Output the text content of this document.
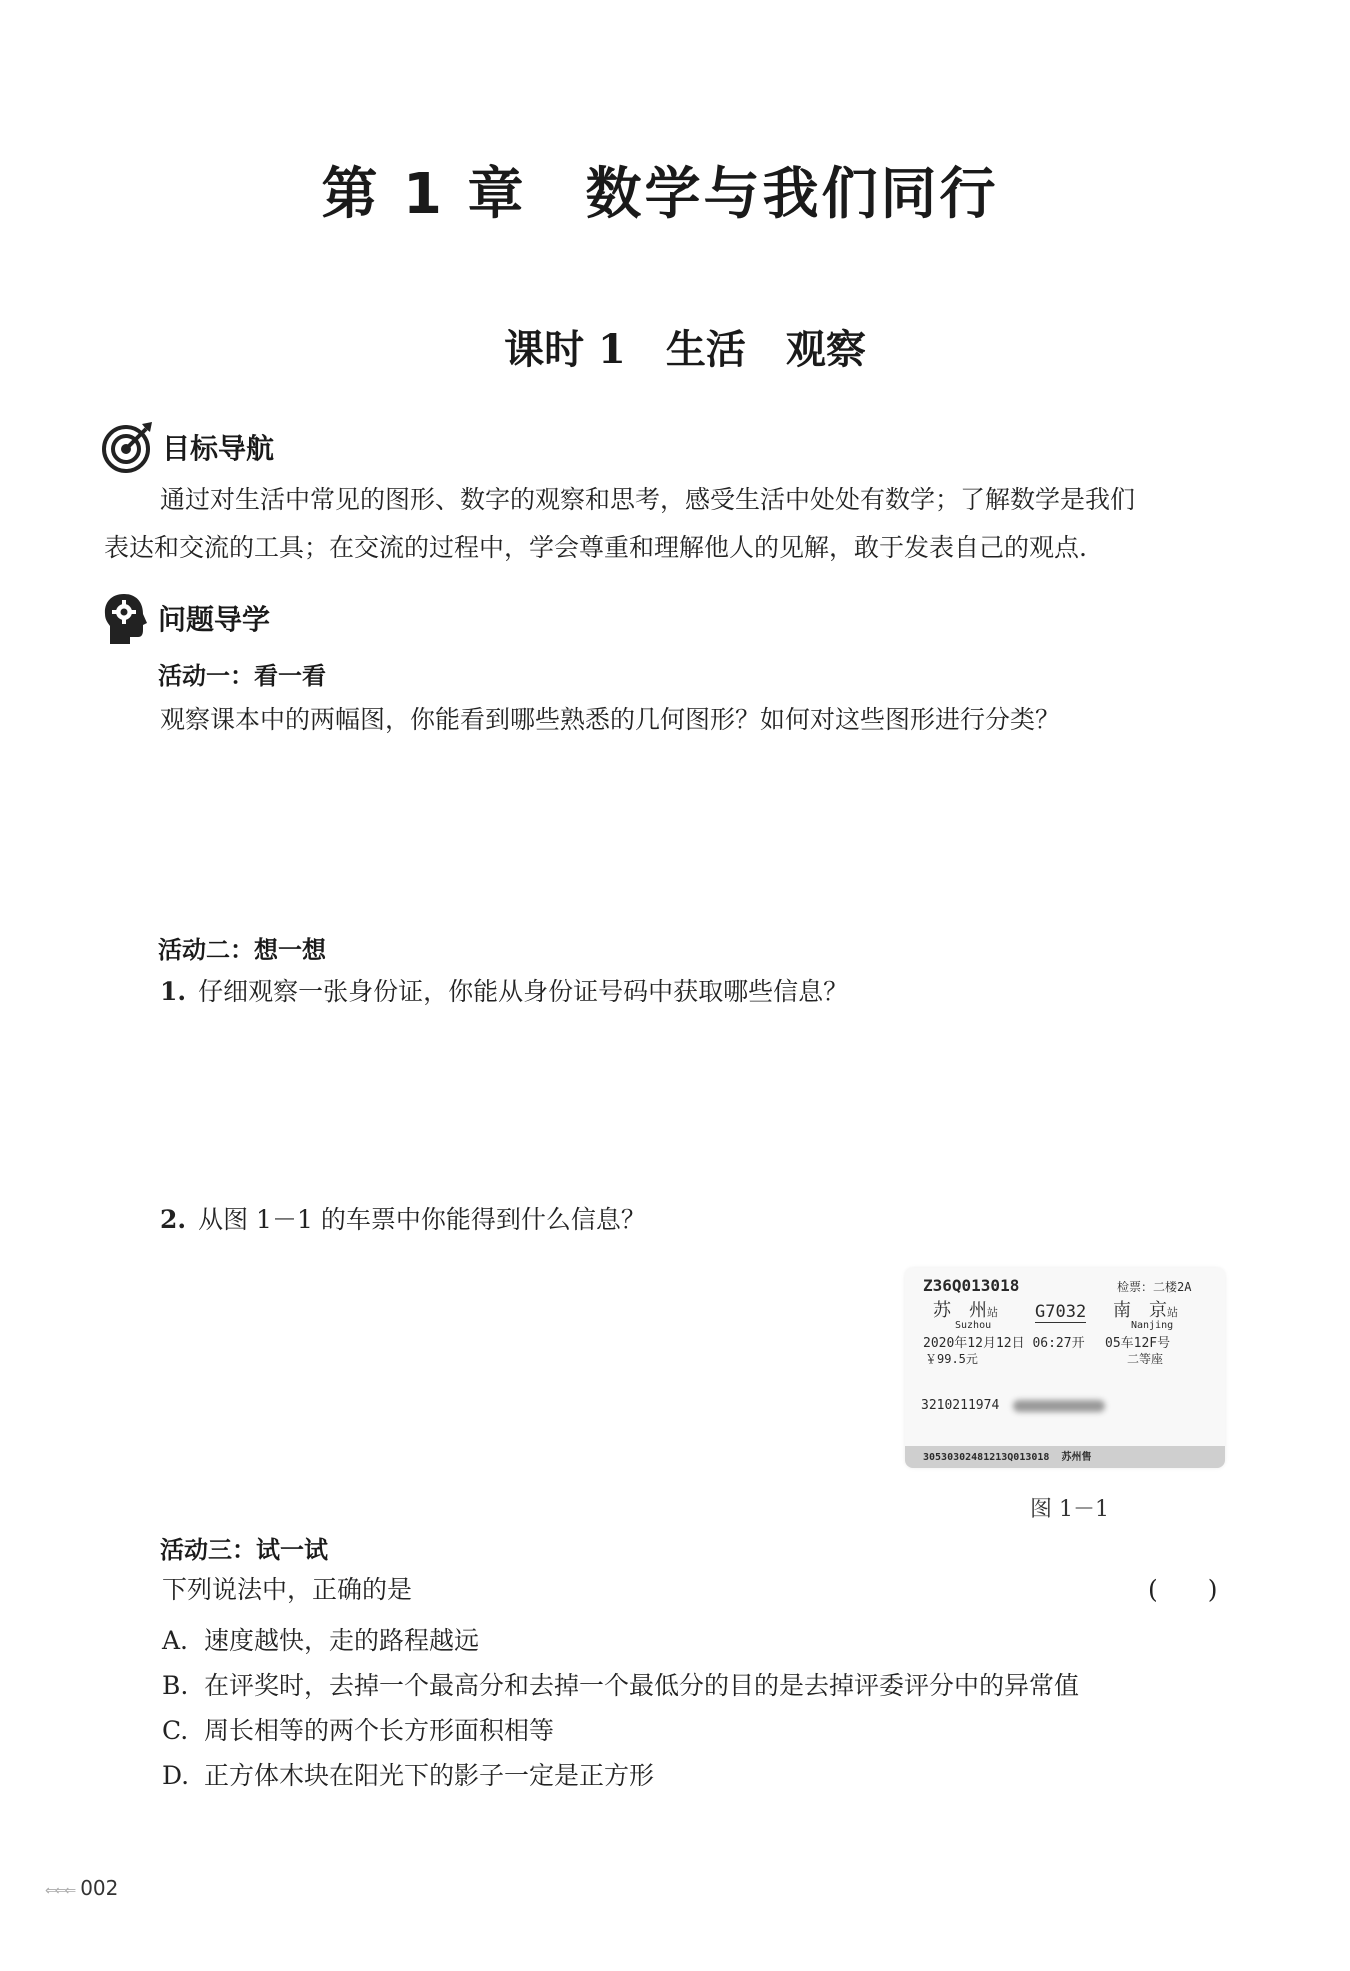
第 1 章　数学与我们同行
课时 1　生活　观察
目标导航
通过对生活中常见的图形、数字的观察和思考，感受生活中处处有数学；了解数学是我们
表达和交流的工具；在交流的过程中，学会尊重和理解他人的见解，敢于发表自己的观点.
问题导学
活动一：看一看
观察课本中的两幅图，你能看到哪些熟悉的几何图形？如何对这些图形进行分类？
活动二：想一想
1. 仔细观察一张身份证，你能从身份证号码中获取哪些信息？
2. 从图 1－1 的车票中你能得到什么信息？
Z36Q013018	检票：二楼2A
苏　州站
Suzhou
G7032 南　京站
Nanjing
2020年12月12日 06:27开 05车12F号
￥99.5元	二等座
3210211974
30530302481213Q013018 苏州售
图 1－1
活动三：试一试
下列说法中，正确的是	(　　)
A. 速度越快，走的路程越远
B. 在评奖时，去掉一个最高分和去掉一个最低分的目的是去掉评委评分中的异常值
C. 周长相等的两个长方形面积相等
D. 正方体木块在阳光下的影子一定是正方形
⇐⇐⇐ 002
